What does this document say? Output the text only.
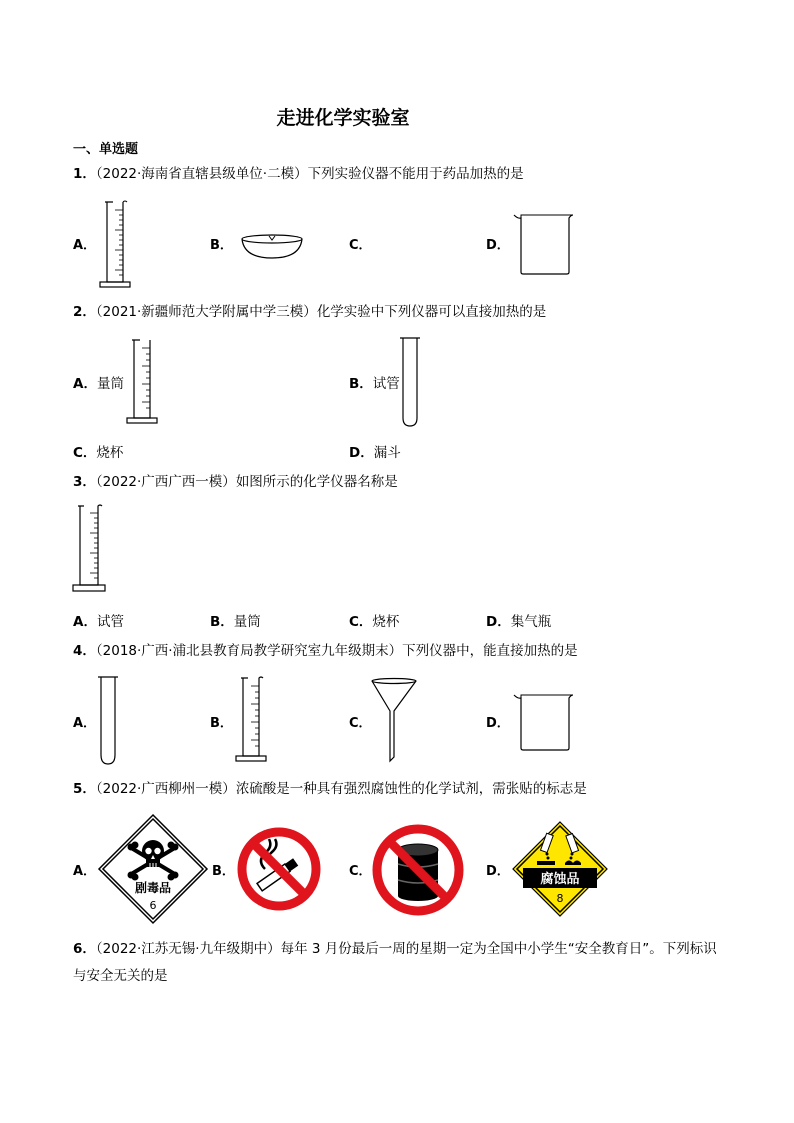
走进化学实验室
一、单选题
1．（2022·海南省直辖县级单位·二模）下列实验仪器不能用于药品加热的是
A．	B．	C．	D．
2．（2021·新疆师范大学附属中学三模）化学实验中下列仪器可以直接加热的是
A．量筒	B．试管
C．烧杯	D．漏斗
3．（2022·广西广西一模）如图所示的化学仪器名称是
A．试管	B．量筒	C．烧杯	D．集气瓶
4．（2018·广西·浦北县教育局教学研究室九年级期末）下列仪器中，能直接加热的是
A．	B．	C．	D．
5．（2022·广西柳州一模）浓硫酸是一种具有强烈腐蚀性的化学试剂，需张贴的标志是
A．	B．	C．	D．
剧毒品
6
腐蚀品
8
6．（2022·江苏无锡·九年级期中）每年 3 月份最后一周的星期一定为全国中小学生“安全教育日”。下列标识
与安全无关的是
